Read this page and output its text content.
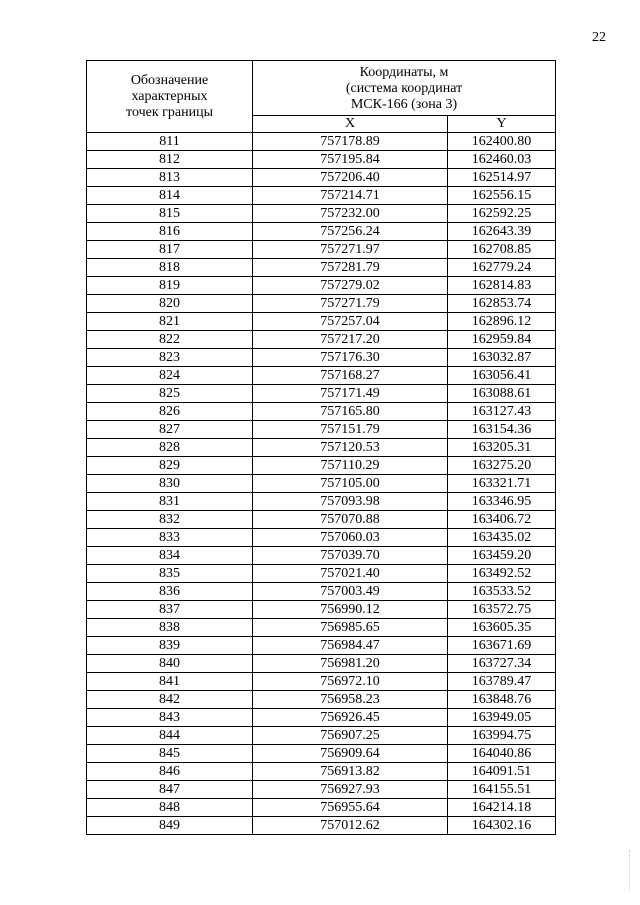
22
Обозначение
характерных
точек границы	Координаты, м
(система координат
МСК-166 (зона 3)	

	X	Y
811	757178.89	162400.80
812	757195.84	162460.03
813	757206.40	162514.97
814	757214.71	162556.15
815	757232.00	162592.25
816	757256.24	162643.39
817	757271.97	162708.85
818	757281.79	162779.24
819	757279.02	162814.83
820	757271.79	162853.74
821	757257.04	162896.12
822	757217.20	162959.84
823	757176.30	163032.87
824	757168.27	163056.41
825	757171.49	163088.61
826	757165.80	163127.43
827	757151.79	163154.36
828	757120.53	163205.31
829	757110.29	163275.20
830	757105.00	163321.71
831	757093.98	163346.95
832	757070.88	163406.72
833	757060.03	163435.02
834	757039.70	163459.20
835	757021.40	163492.52
836	757003.49	163533.52
837	756990.12	163572.75
838	756985.65	163605.35
839	756984.47	163671.69
840	756981.20	163727.34
841	756972.10	163789.47
842	756958.23	163848.76
843	756926.45	163949.05
844	756907.25	163994.75
845	756909.64	164040.86
846	756913.82	164091.51
847	756927.93	164155.51
848	756955.64	164214.18
849	757012.62	164302.16
